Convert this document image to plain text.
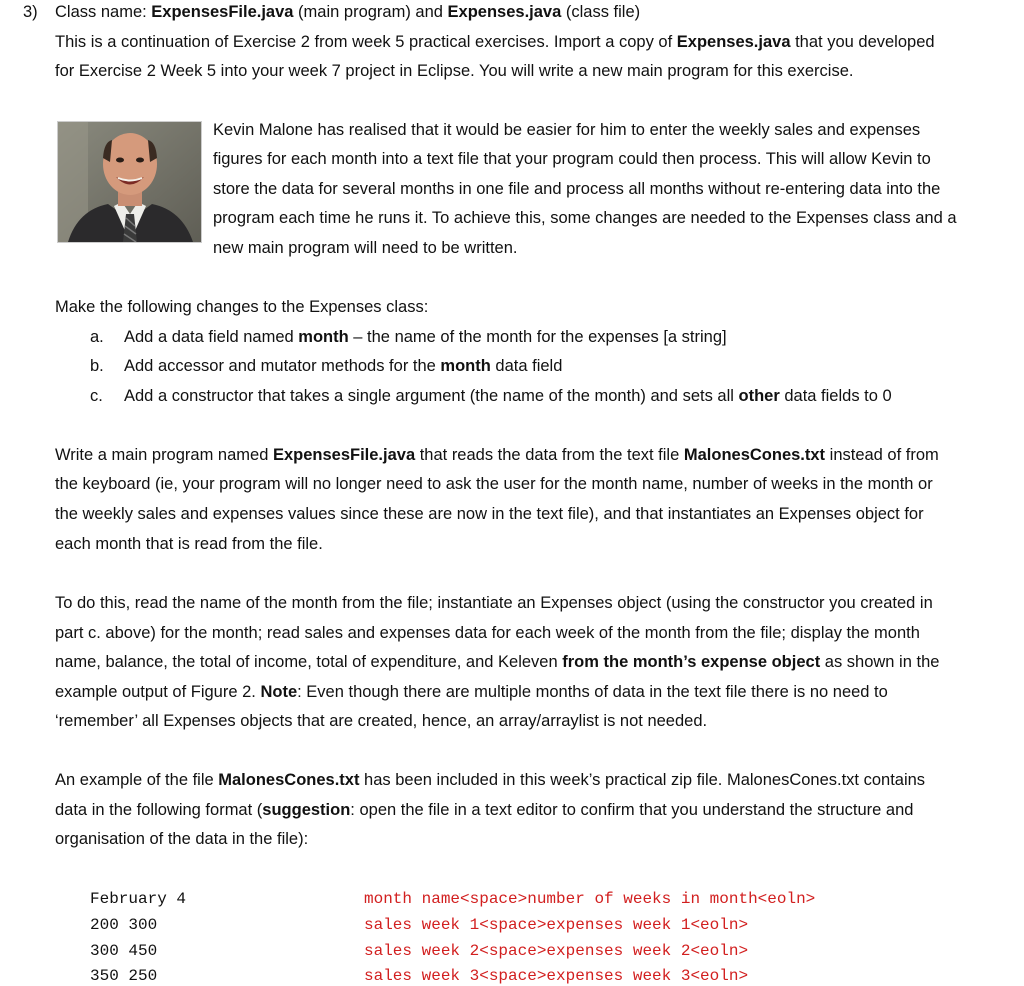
3) Class name: ExpensesFile.java (main program) and Expenses.java (class file)
This is a continuation of Exercise 2 from week 5 practical exercises. Import a copy of Expenses.java that you developed
for Exercise 2 Week 5 into your week 7 project in Eclipse. You will write a new main program for this exercise.
Kevin Malone has realised that it would be easier for him to enter the weekly sales and expenses
figures for each month into a text file that your program could then process. This will allow Kevin to
store the data for several months in one file and process all months without re-entering data into the
program each time he runs it. To achieve this, some changes are needed to the Expenses class and a
new main program will need to be written.
Make the following changes to the Expenses class:
a. Add a data field named month – the name of the month for the expenses [a string]
b. Add accessor and mutator methods for the month data field
c. Add a constructor that takes a single argument (the name of the month) and sets all other data fields to 0
Write a main program named ExpensesFile.java that reads the data from the text file MalonesCones.txt instead of from
the keyboard (ie, your program will no longer need to ask the user for the month name, number of weeks in the month or
the weekly sales and expenses values since these are now in the text file), and that instantiates an Expenses object for
each month that is read from the file.
To do this, read the name of the month from the file; instantiate an Expenses object (using the constructor you created in
part c. above) for the month; read sales and expenses data for each week of the month from the file; display the month
name, balance, the total of income, total of expenditure, and Keleven from the month’s expense object as shown in the
example output of Figure 2. Note: Even though there are multiple months of data in the text file there is no need to
‘remember’ all Expenses objects that are created, hence, an array/arraylist is not needed.
An example of the file MalonesCones.txt has been included in this week’s practical zip file. MalonesCones.txt contains
data in the following format (suggestion: open the file in a text editor to confirm that you understand the structure and
organisation of the data in the file):
February 4	month name<space>number of weeks in month<eoln>
200 300	sales week 1<space>expenses week 1<eoln>
300 450	sales week 2<space>expenses week 2<eoln>
350 250	sales week 3<space>expenses week 3<eoln>
